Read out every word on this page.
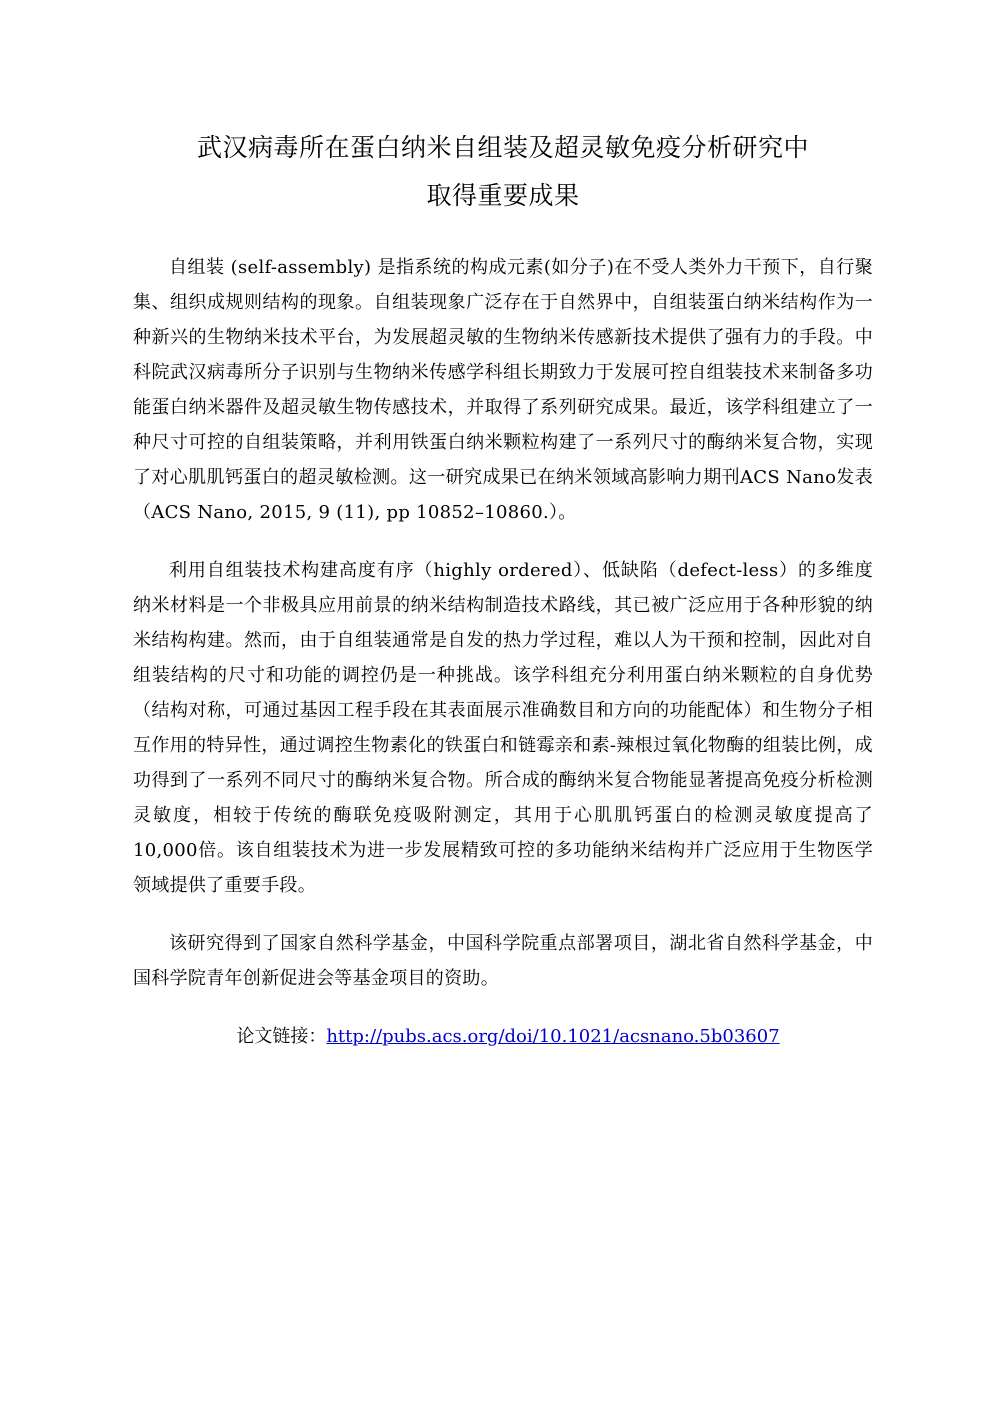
武汉病毒所在蛋白纳米自组装及超灵敏免疫分析研究中
取得重要成果

自组装 (self-assembly) 是指系统的构成元素(如分子)在不受人类外力干预下，自行聚集、组织成规则结构的现象。自组装现象广泛存在于自然界中，自组装蛋白纳米结构作为一种新兴的生物纳米技术平台，为发展超灵敏的生物纳米传感新技术提供了强有力的手段。中科院武汉病毒所分子识别与生物纳米传感学科组长期致力于发展可控自组装技术来制备多功能蛋白纳米器件及超灵敏生物传感技术，并取得了系列研究成果。最近，该学科组建立了一种尺寸可控的自组装策略，并利用铁蛋白纳米颗粒构建了一系列尺寸的酶纳米复合物，实现了对心肌肌钙蛋白的超灵敏检测。这一研究成果已在纳米领域高影响力期刊ACS Nano发表（ACS Nano, 2015, 9 (11), pp 10852–10860.）。

利用自组装技术构建高度有序（highly ordered）、低缺陷（defect-less）的多维度纳米材料是一个非极具应用前景的纳米结构制造技术路线，其已被广泛应用于各种形貌的纳米结构构建。然而，由于自组装通常是自发的热力学过程，难以人为干预和控制，因此对自组装结构的尺寸和功能的调控仍是一种挑战。该学科组充分利用蛋白纳米颗粒的自身优势（结构对称，可通过基因工程手段在其表面展示准确数目和方向的功能配体）和生物分子相互作用的特异性，通过调控生物素化的铁蛋白和链霉亲和素-辣根过氧化物酶的组装比例，成功得到了一系列不同尺寸的酶纳米复合物。所合成的酶纳米复合物能显著提高免疫分析检测灵敏度，相较于传统的酶联免疫吸附测定，其用于心肌肌钙蛋白的检测灵敏度提高了10,000倍。该自组装技术为进一步发展精致可控的多功能纳米结构并广泛应用于生物医学领域提供了重要手段。

该研究得到了国家自然科学基金，中国科学院重点部署项目，湖北省自然科学基金，中国科学院青年创新促进会等基金项目的资助。

论文链接：http://pubs.acs.org/doi/10.1021/acsnano.5b03607
